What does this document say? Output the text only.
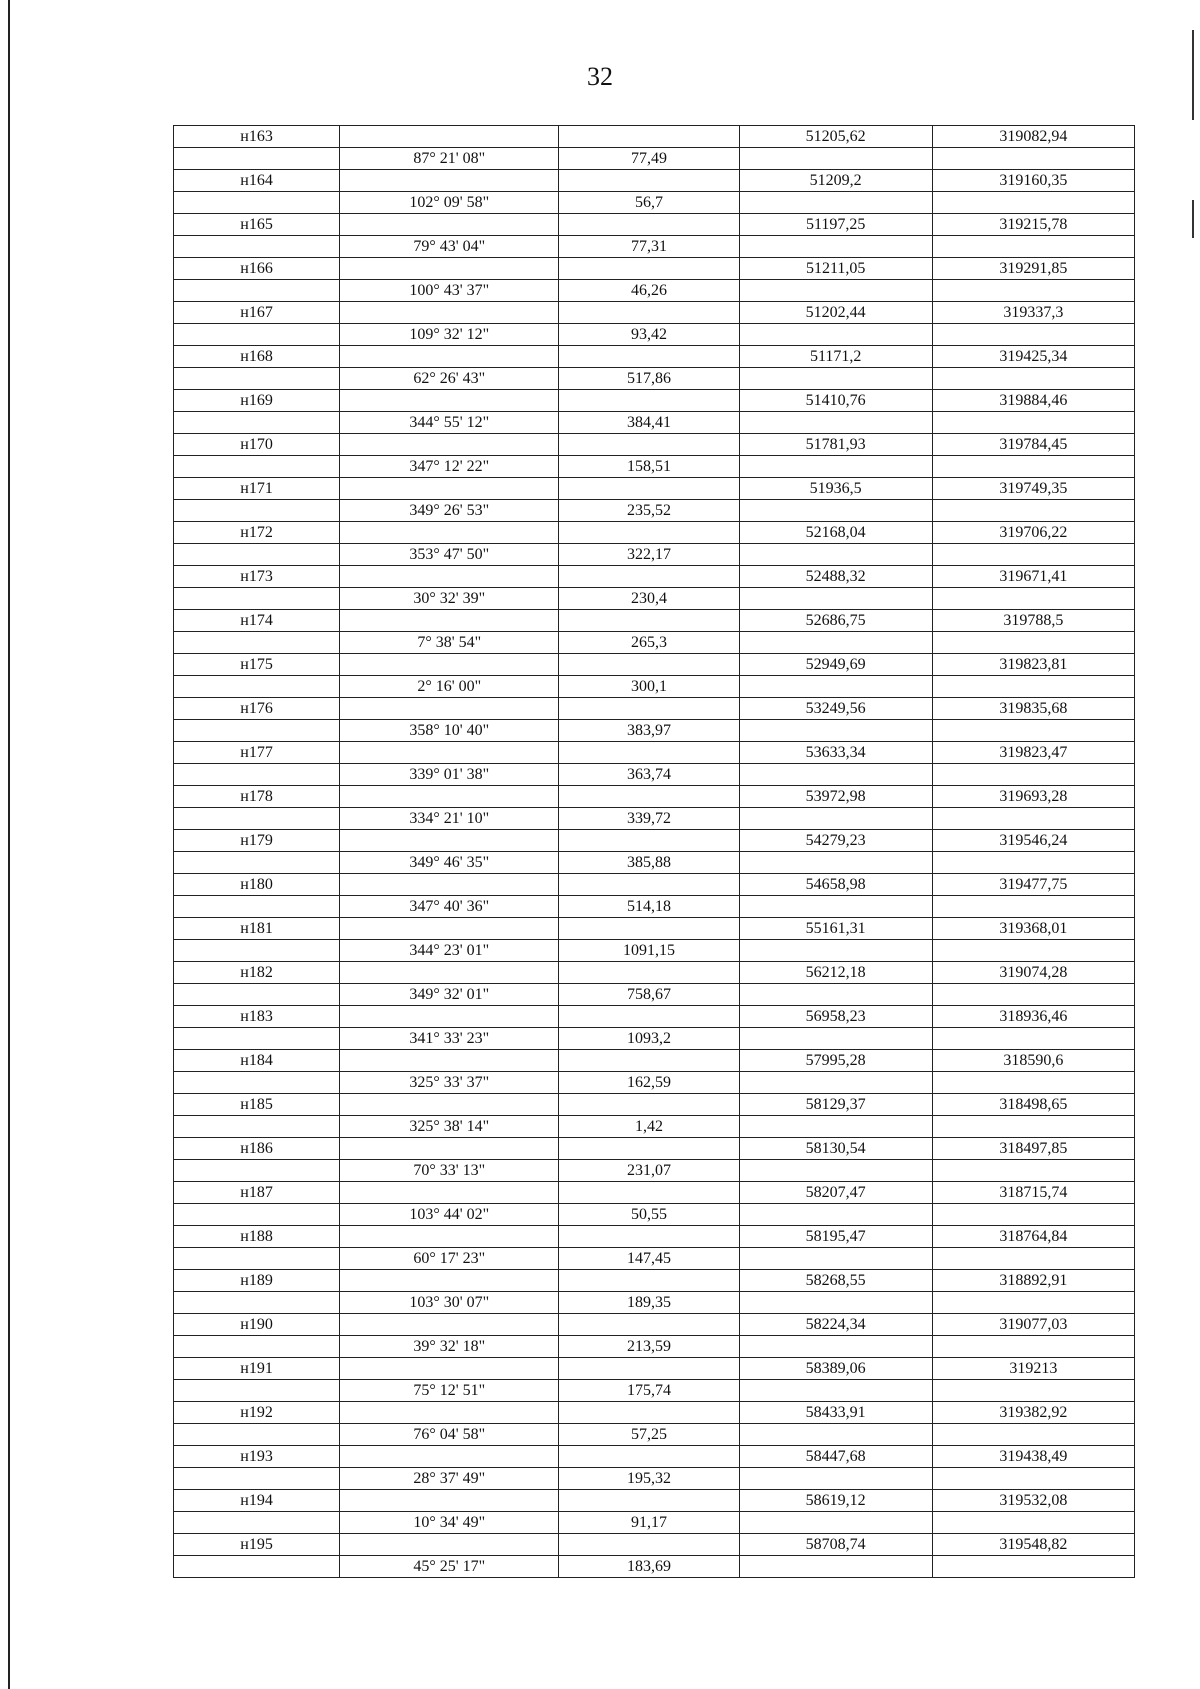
32
н163			51205,62	319082,94
	87° 21' 08"	77,49		
н164			51209,2	319160,35
	102° 09' 58"	56,7		
н165			51197,25	319215,78
	79° 43' 04"	77,31		
н166			51211,05	319291,85
	100° 43' 37"	46,26		
н167			51202,44	319337,3
	109° 32' 12"	93,42		
н168			51171,2	319425,34
	62° 26' 43"	517,86		
н169			51410,76	319884,46
	344° 55' 12"	384,41		
н170			51781,93	319784,45
	347° 12' 22"	158,51		
н171			51936,5	319749,35
	349° 26' 53"	235,52		
н172			52168,04	319706,22
	353° 47' 50"	322,17		
н173			52488,32	319671,41
	30° 32' 39"	230,4		
н174			52686,75	319788,5
	7° 38' 54"	265,3		
н175			52949,69	319823,81
	2° 16' 00"	300,1		
н176			53249,56	319835,68
	358° 10' 40"	383,97		
н177			53633,34	319823,47
	339° 01' 38"	363,74		
н178			53972,98	319693,28
	334° 21' 10"	339,72		
н179			54279,23	319546,24
	349° 46' 35"	385,88		
н180			54658,98	319477,75
	347° 40' 36"	514,18		
н181			55161,31	319368,01
	344° 23' 01"	1091,15		
н182			56212,18	319074,28
	349° 32' 01"	758,67		
н183			56958,23	318936,46
	341° 33' 23"	1093,2		
н184			57995,28	318590,6
	325° 33' 37"	162,59		
н185			58129,37	318498,65
	325° 38' 14"	1,42		
н186			58130,54	318497,85
	70° 33' 13"	231,07		
н187			58207,47	318715,74
	103° 44' 02"	50,55		
н188			58195,47	318764,84
	60° 17' 23"	147,45		
н189			58268,55	318892,91
	103° 30' 07"	189,35		
н190			58224,34	319077,03
	39° 32' 18"	213,59		
н191			58389,06	319213
	75° 12' 51"	175,74		
н192			58433,91	319382,92
	76° 04' 58"	57,25		
н193			58447,68	319438,49
	28° 37' 49"	195,32		
н194			58619,12	319532,08
	10° 34' 49"	91,17		
н195			58708,74	319548,82
	45° 25' 17"	183,69		
